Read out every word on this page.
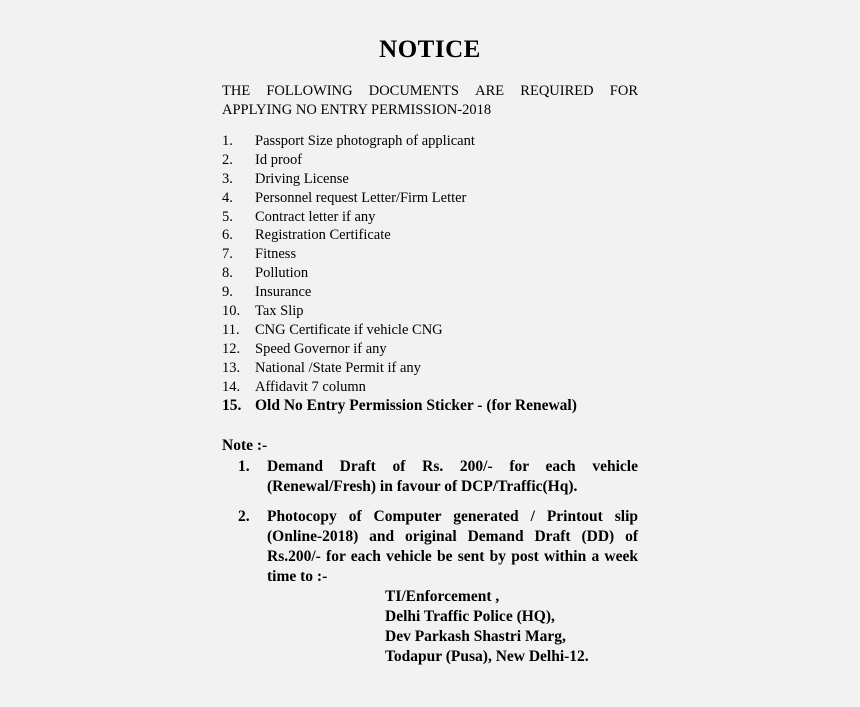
NOTICE
THE FOLLOWING DOCUMENTS ARE REQUIRED FOR
APPLYING NO ENTRY PERMISSION-2018
1.	Passport Size photograph of applicant
2.	Id proof
3.	Driving License
4.	Personnel request Letter/Firm Letter
5.	Contract letter if any
6.	Registration Certificate
7.	Fitness
8.	Pollution
9.	Insurance
10.	Tax Slip
11.	CNG Certificate if vehicle CNG
12.	Speed Governor if any
13.	National /State Permit if any
14.	Affidavit 7 column
15. Old No Entry Permission Sticker - (for Renewal)
Note :-
1.	Demand Draft of Rs. 200/- for each vehicle (Renewal/Fresh) in favour of DCP/Traffic(Hq).
2.	Photocopy of Computer generated / Printout slip (Online-2018) and original Demand Draft (DD) of Rs.200/- for each vehicle be sent by post within a week time to :-
TI/Enforcement ,
Delhi Traffic Police (HQ),
Dev Parkash Shastri Marg,
Todapur (Pusa), New Delhi-12.
